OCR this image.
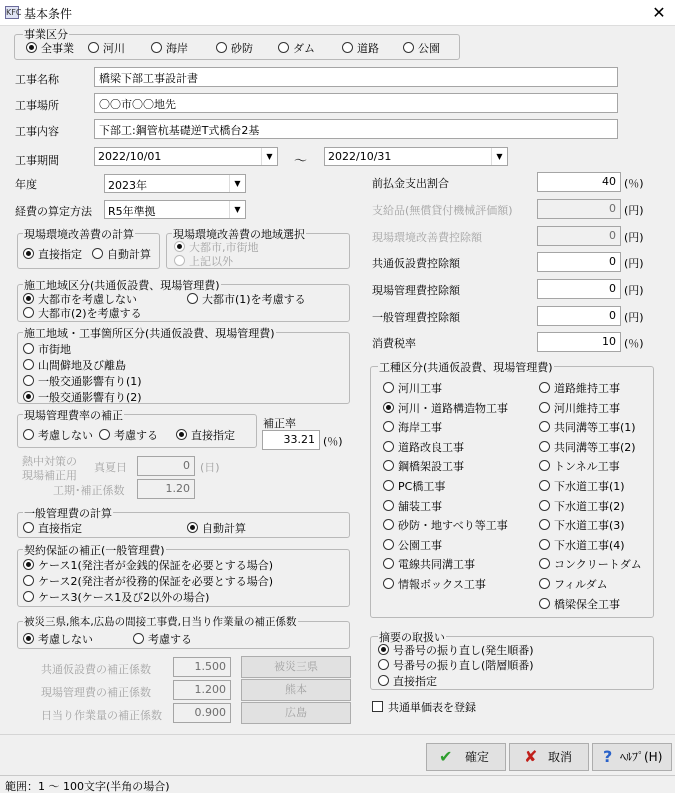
KFC 基本条件	✕
事業区分
全事業	河川	海岸	砂防	ダム	道路	公園
工事名称	橋梁下部工事設計書
工事場所	〇〇市〇〇地先
工事内容	下部工:鋼管杭基礎逆T式橋台2基
工事期間	2022/10/01	▼	～	2022/10/31	▼
年度	2023年	▼
経費の算定方法	R5年準拠	▼
現場環境改善費の計算
直接指定	自動計算
現場環境改善費の地域選択
大都市,市街地
上記以外
施工地域区分(共通仮設費、現場管理費)
大都市を考慮しない	大都市(1)を考慮する
大都市(2)を考慮する
施工地域・工事箇所区分(共通仮設費、現場管理費)
市街地
山間僻地及び離島
一般交通影響有り(1)
一般交通影響有り(2)
現場管理費率の補正
考慮しない	考慮する	直接指定
補正率
33.21 (％)
熱中対策の
現場補正用
真夏日	0 (日)
工期･補正係数	1.20
一般管理費の計算
直接指定	自動計算
契約保証の補正(一般管理費)
ケース1(発注者が金銭的保証を必要とする場合)
ケース2(発注者が役務的保証を必要とする場合)
ケース3(ケース1及び2以外の場合)
被災三県,熊本,広島の間接工事費,日当り作業量の補正係数
考慮しない	考慮する
共通仮設費の補正係数	1.500	被災三県
現場管理費の補正係数	1.200	熊本
日当り作業量の補正係数	0.900	広島
前払金支出割合	40 (％)
支給品(無償貸付機械評価額)	0 (円)
現場環境改善費控除額	0 (円)
共通仮設費控除額	0 (円)
現場管理費控除額	0 (円)
一般管理費控除額	0 (円)
消費税率	10 (％)
工種区分(共通仮設費、現場管理費)
河川工事
河川・道路構造物工事
海岸工事
道路改良工事
鋼橋架設工事
PC橋工事
舗装工事
砂防・地すべり等工事
公園工事
電線共同溝工事
情報ボックス工事
道路維持工事
河川維持工事
共同溝等工事(1)
共同溝等工事(2)
トンネル工事
下水道工事(1)
下水道工事(2)
下水道工事(3)
下水道工事(4)
コンクリートダム
フィルダム
橋梁保全工事
摘要の取扱い
号番号の振り直し(発生順番)
号番号の振り直し(階層順番)
直接指定
共通単価表を登録
✔ 確定 ✘ 取消 ? ﾍﾙﾌﾟ(H)
範囲：1 ～ 100文字(半角の場合)
